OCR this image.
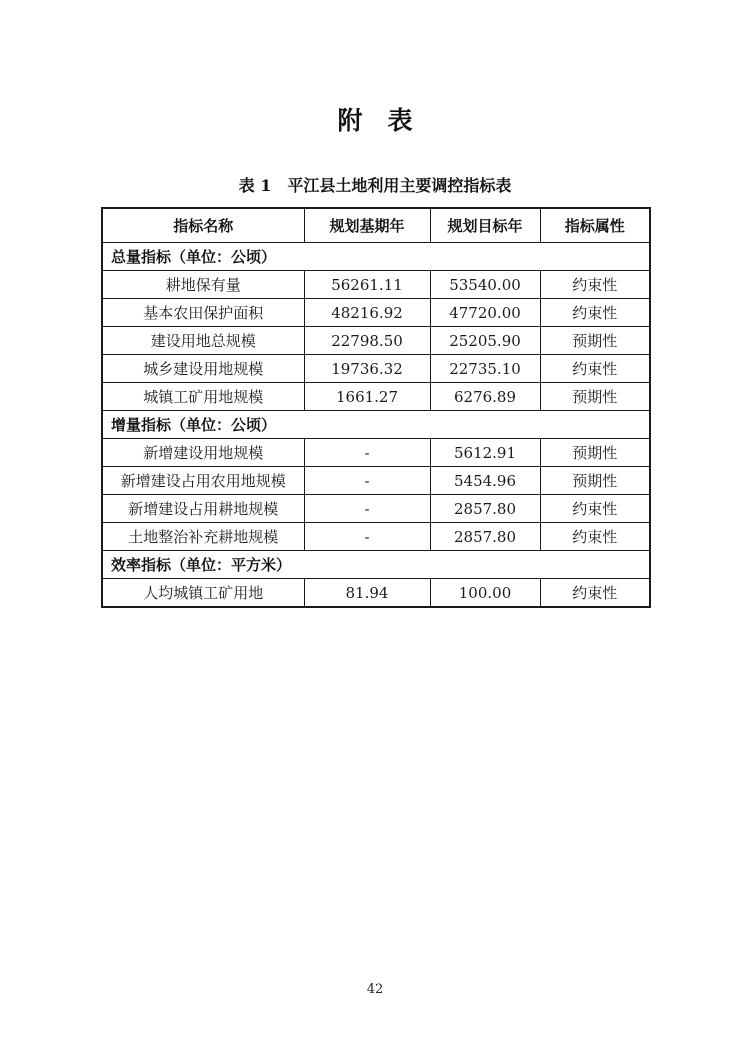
附　表
表 1　平江县土地利用主要调控指标表
指标名称	规划基期年	规划目标年	指标属性
总量指标（单位：公顷）			
耕地保有量	56261.11	53540.00	约束性
基本农田保护面积	48216.92	47720.00	约束性
建设用地总规模	22798.50	25205.90	预期性
城乡建设用地规模	19736.32	22735.10	约束性
城镇工矿用地规模	1661.27	6276.89	预期性
增量指标（单位：公顷）			
新增建设用地规模	-	5612.91	预期性
新增建设占用农用地规模	-	5454.96	预期性
新增建设占用耕地规模	-	2857.80	约束性
土地整治补充耕地规模	-	2857.80	约束性
效率指标（单位：平方米）			
人均城镇工矿用地	81.94	100.00	约束性
42
